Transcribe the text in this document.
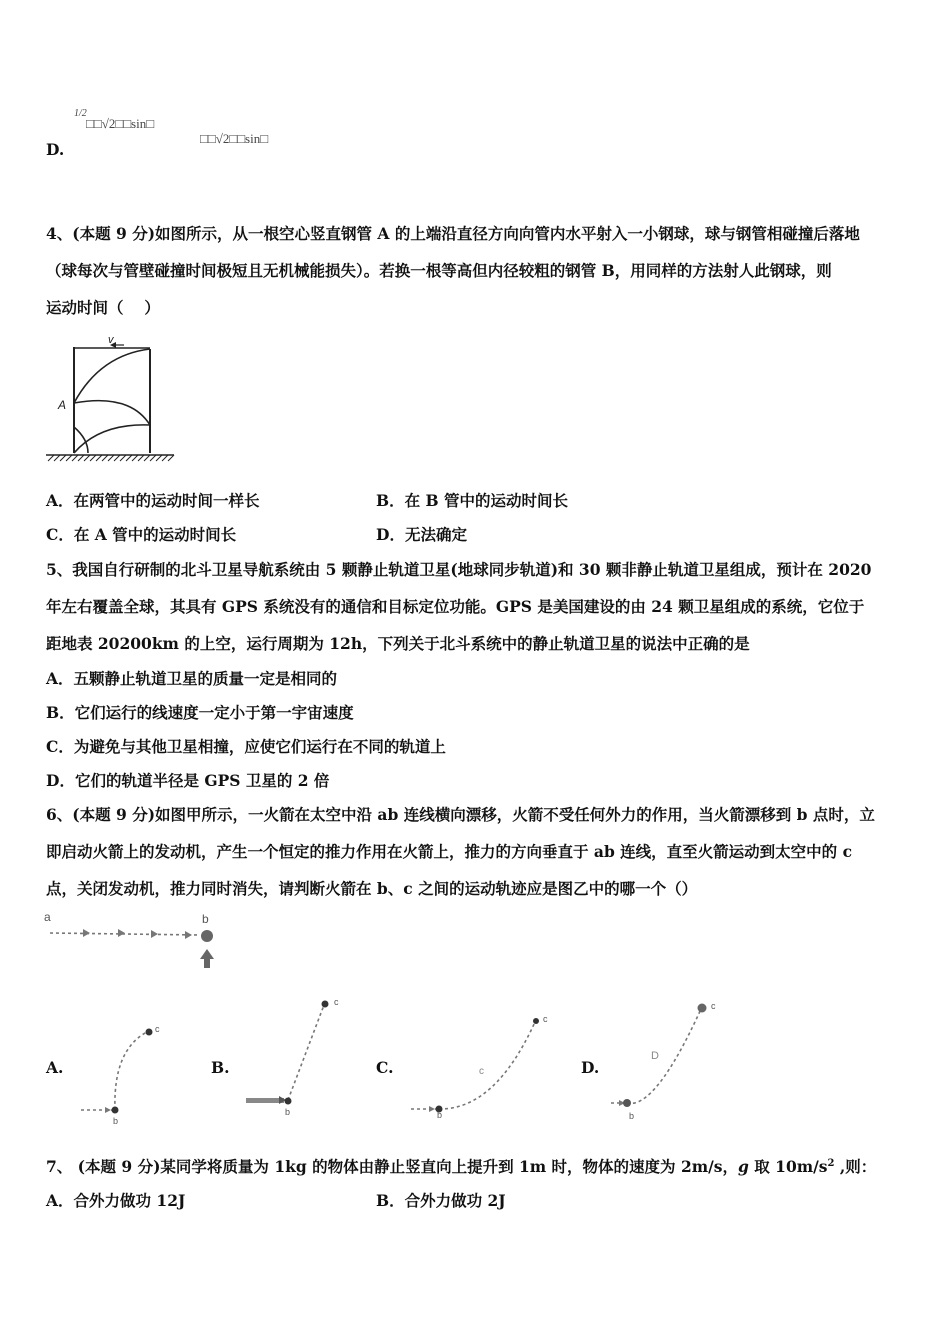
D.
1/2
□□√2□□sin□
□□√2□□sin□
4、(本题 9 分)如图所示，从一根空心竖直钢管 A 的上端沿直径方向向管内水平射入一小钢球，球与钢管相碰撞后落地
（球每次与管壁碰撞时间极短且无机械能损失）。若换一根等高但内径较粗的钢管 B，用同样的方法射人此钢球，则
运动时间（　 ）
v
A
A．在两管中的运动时间一样长	B．在 B 管中的运动时间长
C．在 A 管中的运动时间长	D．无法确定
5、我国自行研制的北斗卫星导航系统由 5 颗静止轨道卫星(地球同步轨道)和 30 颗非静止轨道卫星组成，预计在 2020
年左右覆盖全球，其具有 GPS 系统没有的通信和目标定位功能。GPS 是美国建设的由 24 颗卫星组成的系统，它位于
距地表 20200km 的上空，运行周期为 12h，下列关于北斗系统中的静止轨道卫星的说法中正确的是
A．五颗静止轨道卫星的质量一定是相同的
B．它们运行的线速度一定小于第一宇宙速度
C．为避免与其他卫星相撞，应使它们运行在不同的轨道上
D．它们的轨道半径是 GPS 卫星的 2 倍
6、(本题 9 分)如图甲所示，一火箭在太空中沿 ab 连线横向漂移，火箭不受任何外力的作用，当火箭漂移到 b 点时，立
即启动火箭上的发动机，产生一个恒定的推力作用在火箭上，推力的方向垂直于 ab 连线，直至火箭运动到太空中的 c
点，关闭发动机，推力同时消失，请判断火箭在 b、c 之间的运动轨迹应是图乙中的哪一个（）
a	b
A.
b
c
B.
b
c
C.
b
c
c	D.
b
c
D
7、 (本题 9 分)某同学将质量为 1kg 的物体由静止竖直向上提升到 1m 时，物体的速度为 2m/s，g 取 $10m/s^2$ ,则：
A．合外力做功 12J	B．合外力做功 2J
